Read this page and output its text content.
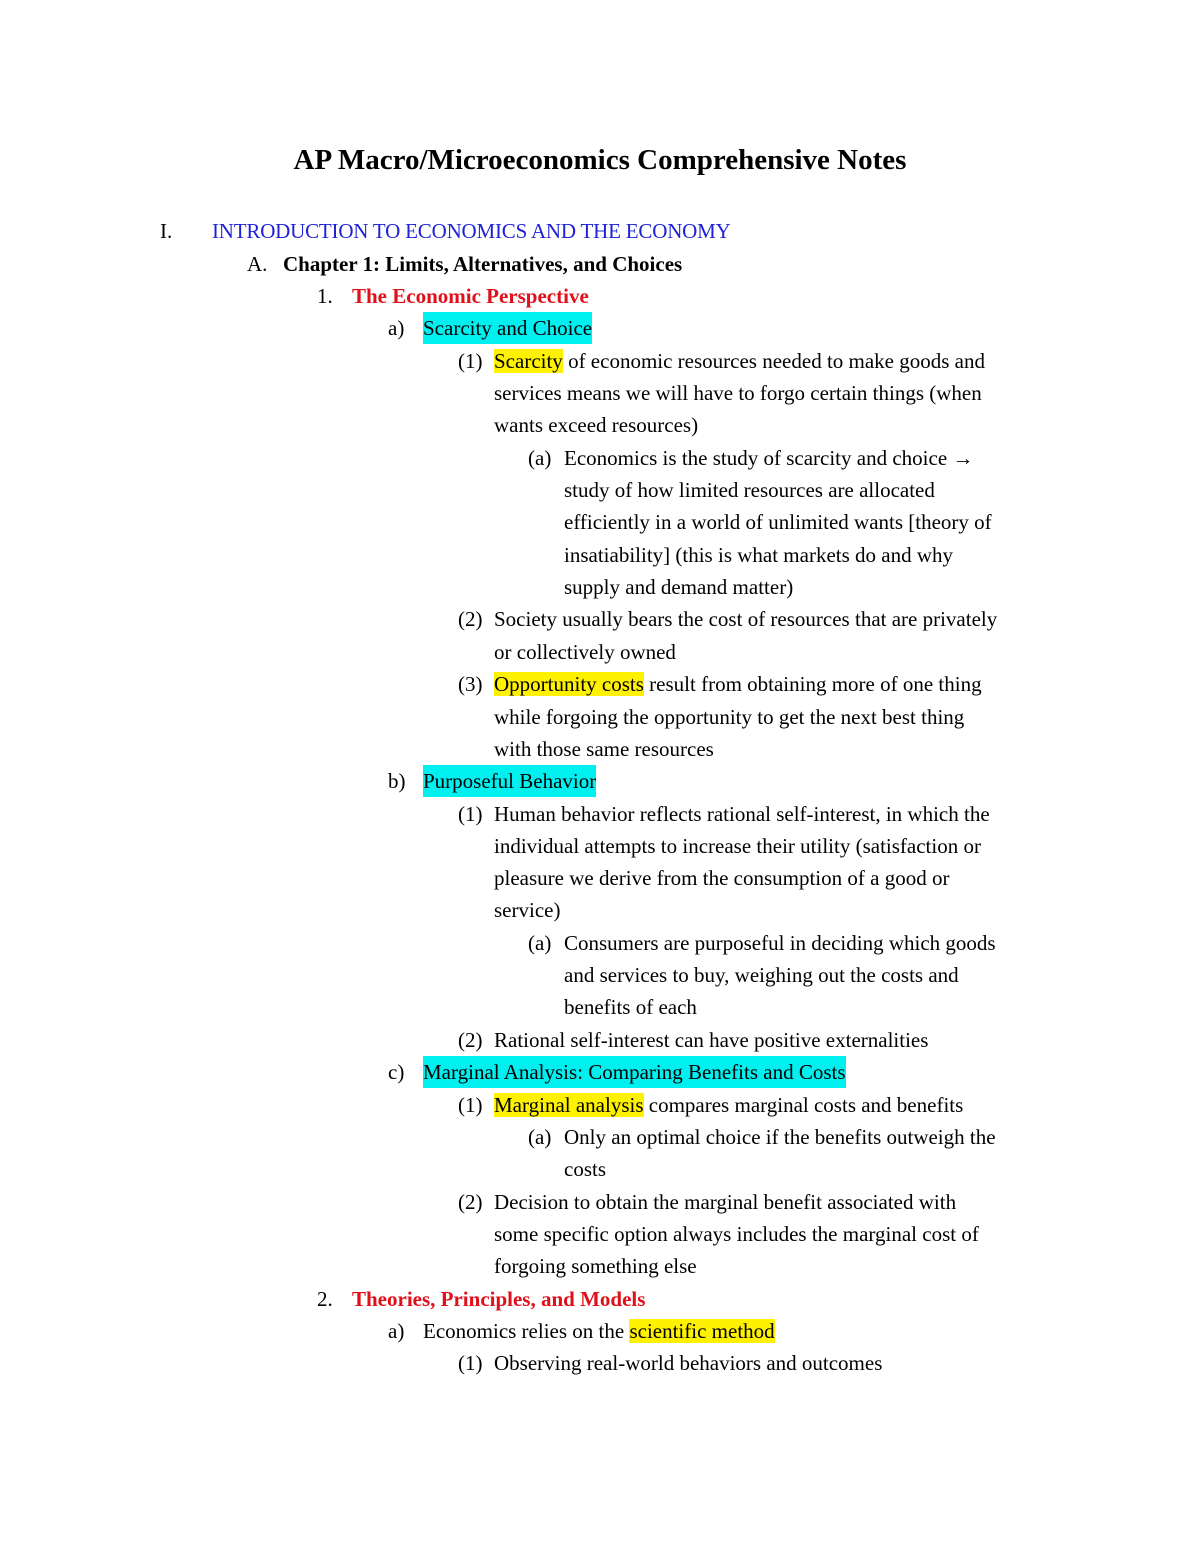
AP Macro/Microeconomics Comprehensive Notes
I. INTRODUCTION TO ECONOMICS AND THE ECONOMY
A. Chapter 1: Limits, Alternatives, and Choices
1. The Economic Perspective
a) Scarcity and Choice
(1) Scarcity of economic resources needed to make goods and
services means we will have to forgo certain things (when
wants exceed resources)
(a) Economics is the study of scarcity and choice →
study of how limited resources are allocated
efficiently in a world of unlimited wants [theory of
insatiability] (this is what markets do and why
supply and demand matter)
(2) Society usually bears the cost of resources that are privately
or collectively owned
(3) Opportunity costs result from obtaining more of one thing
while forgoing the opportunity to get the next best thing
with those same resources
b) Purposeful Behavior
(1) Human behavior reflects rational self-interest, in which the
individual attempts to increase their utility (satisfaction or
pleasure we derive from the consumption of a good or
service)
(a) Consumers are purposeful in deciding which goods
and services to buy, weighing out the costs and
benefits of each
(2) Rational self-interest can have positive externalities
c) Marginal Analysis: Comparing Benefits and Costs
(1) Marginal analysis compares marginal costs and benefits
(a) Only an optimal choice if the benefits outweigh the
costs
(2) Decision to obtain the marginal benefit associated with
some specific option always includes the marginal cost of
forgoing something else
2. Theories, Principles, and Models
a) Economics relies on the scientific method
(1) Observing real-world behaviors and outcomes
